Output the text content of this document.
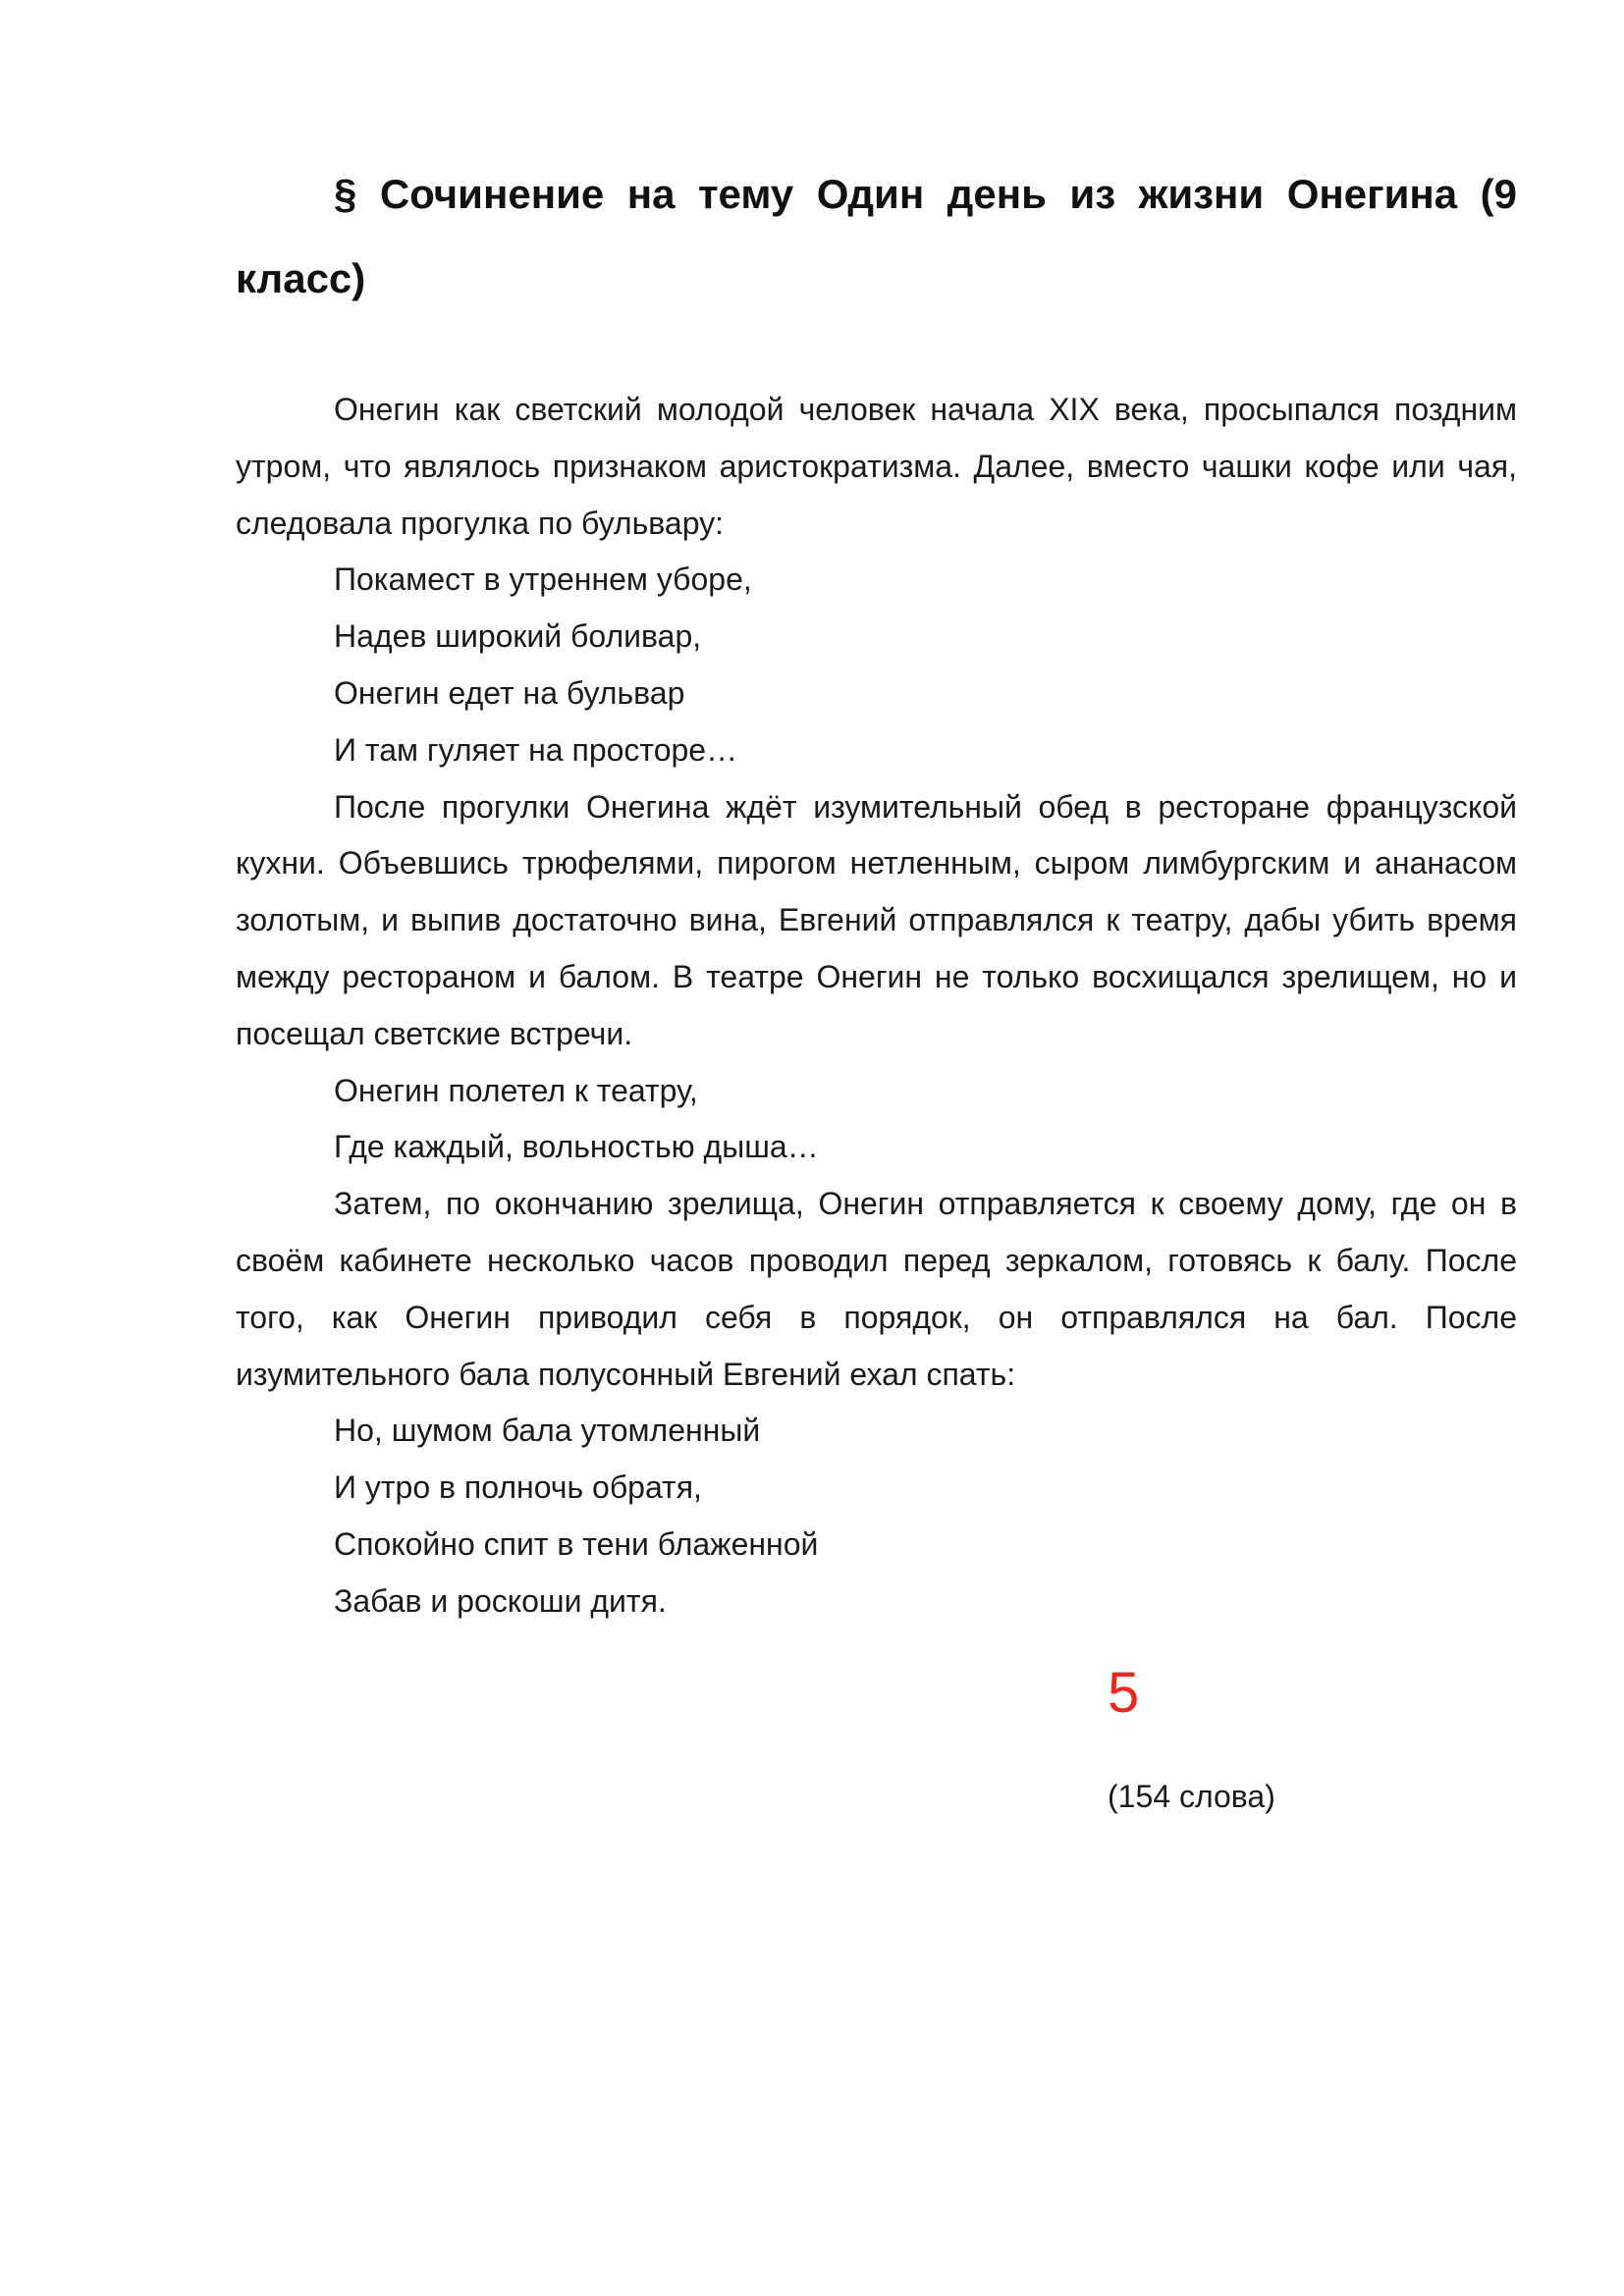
§ Сочинение на тему Один день из жизни Онегина (9 класс)

Онегин как светский молодой человек начала XIX века, просыпался поздним утром, что являлось признаком аристократизма. Далее, вместо чашки кофе или чая, следовала прогулка по бульвару:

Покамест в утреннем уборе,

Надев широкий боливар,

Онегин едет на бульвар

И там гуляет на просторе…

После прогулки Онегина ждёт изумительный обед в ресторане французской кухни. Объевшись трюфелями, пирогом нетленным, сыром лимбургским и ананасом золотым, и выпив достаточно вина, Евгений отправлялся к театру, дабы убить время между рестораном и балом. В театре Онегин не только восхищался зрелищем, но и посещал светские встречи.

Онегин полетел к театру,

Где каждый, вольностью дыша…

Затем, по окончанию зрелища, Онегин отправляется к своему дому, где он в своём кабинете несколько часов проводил перед зеркалом, готовясь к балу. После того, как Онегин приводил себя в порядок, он отправлялся на бал. После изумительного бала полусонный Евгений ехал спать:

Но, шумом бала утомленный

И утро в полночь обратя,

Спокойно спит в тени блаженной

Забав и роскоши дитя.

5
(154 слова)
